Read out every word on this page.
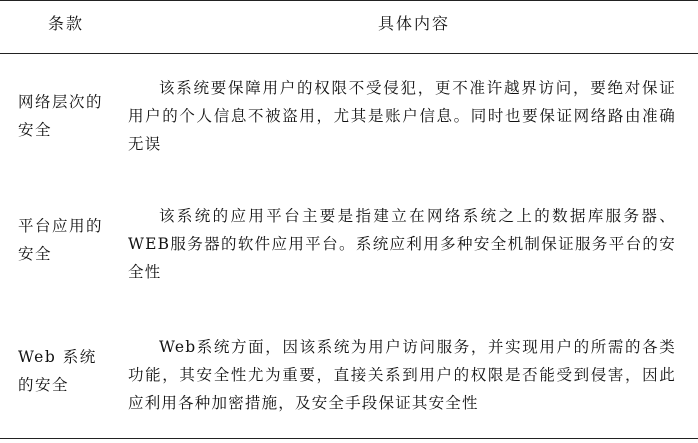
条款	具体内容
网络层次的
安全
该系统要保障用户的权限不受侵犯，更不准许越界访问，要绝对保证用户的个人信息不被盗用，尤其是账户信息。同时也要保证网络路由准确无误
平台应用的
安全
该系统的应用平台主要是指建立在网络系统之上的数据库服务器、WEB服务器的软件应用平台。系统应利用多种安全机制保证服务平台的安全性
Web 系统
的安全
Web系统方面，因该系统为用户访问服务，并实现用户的所需的各类功能，其安全性尤为重要，直接关系到用户的权限是否能受到侵害，因此应利用各种加密措施，及安全手段保证其安全性
